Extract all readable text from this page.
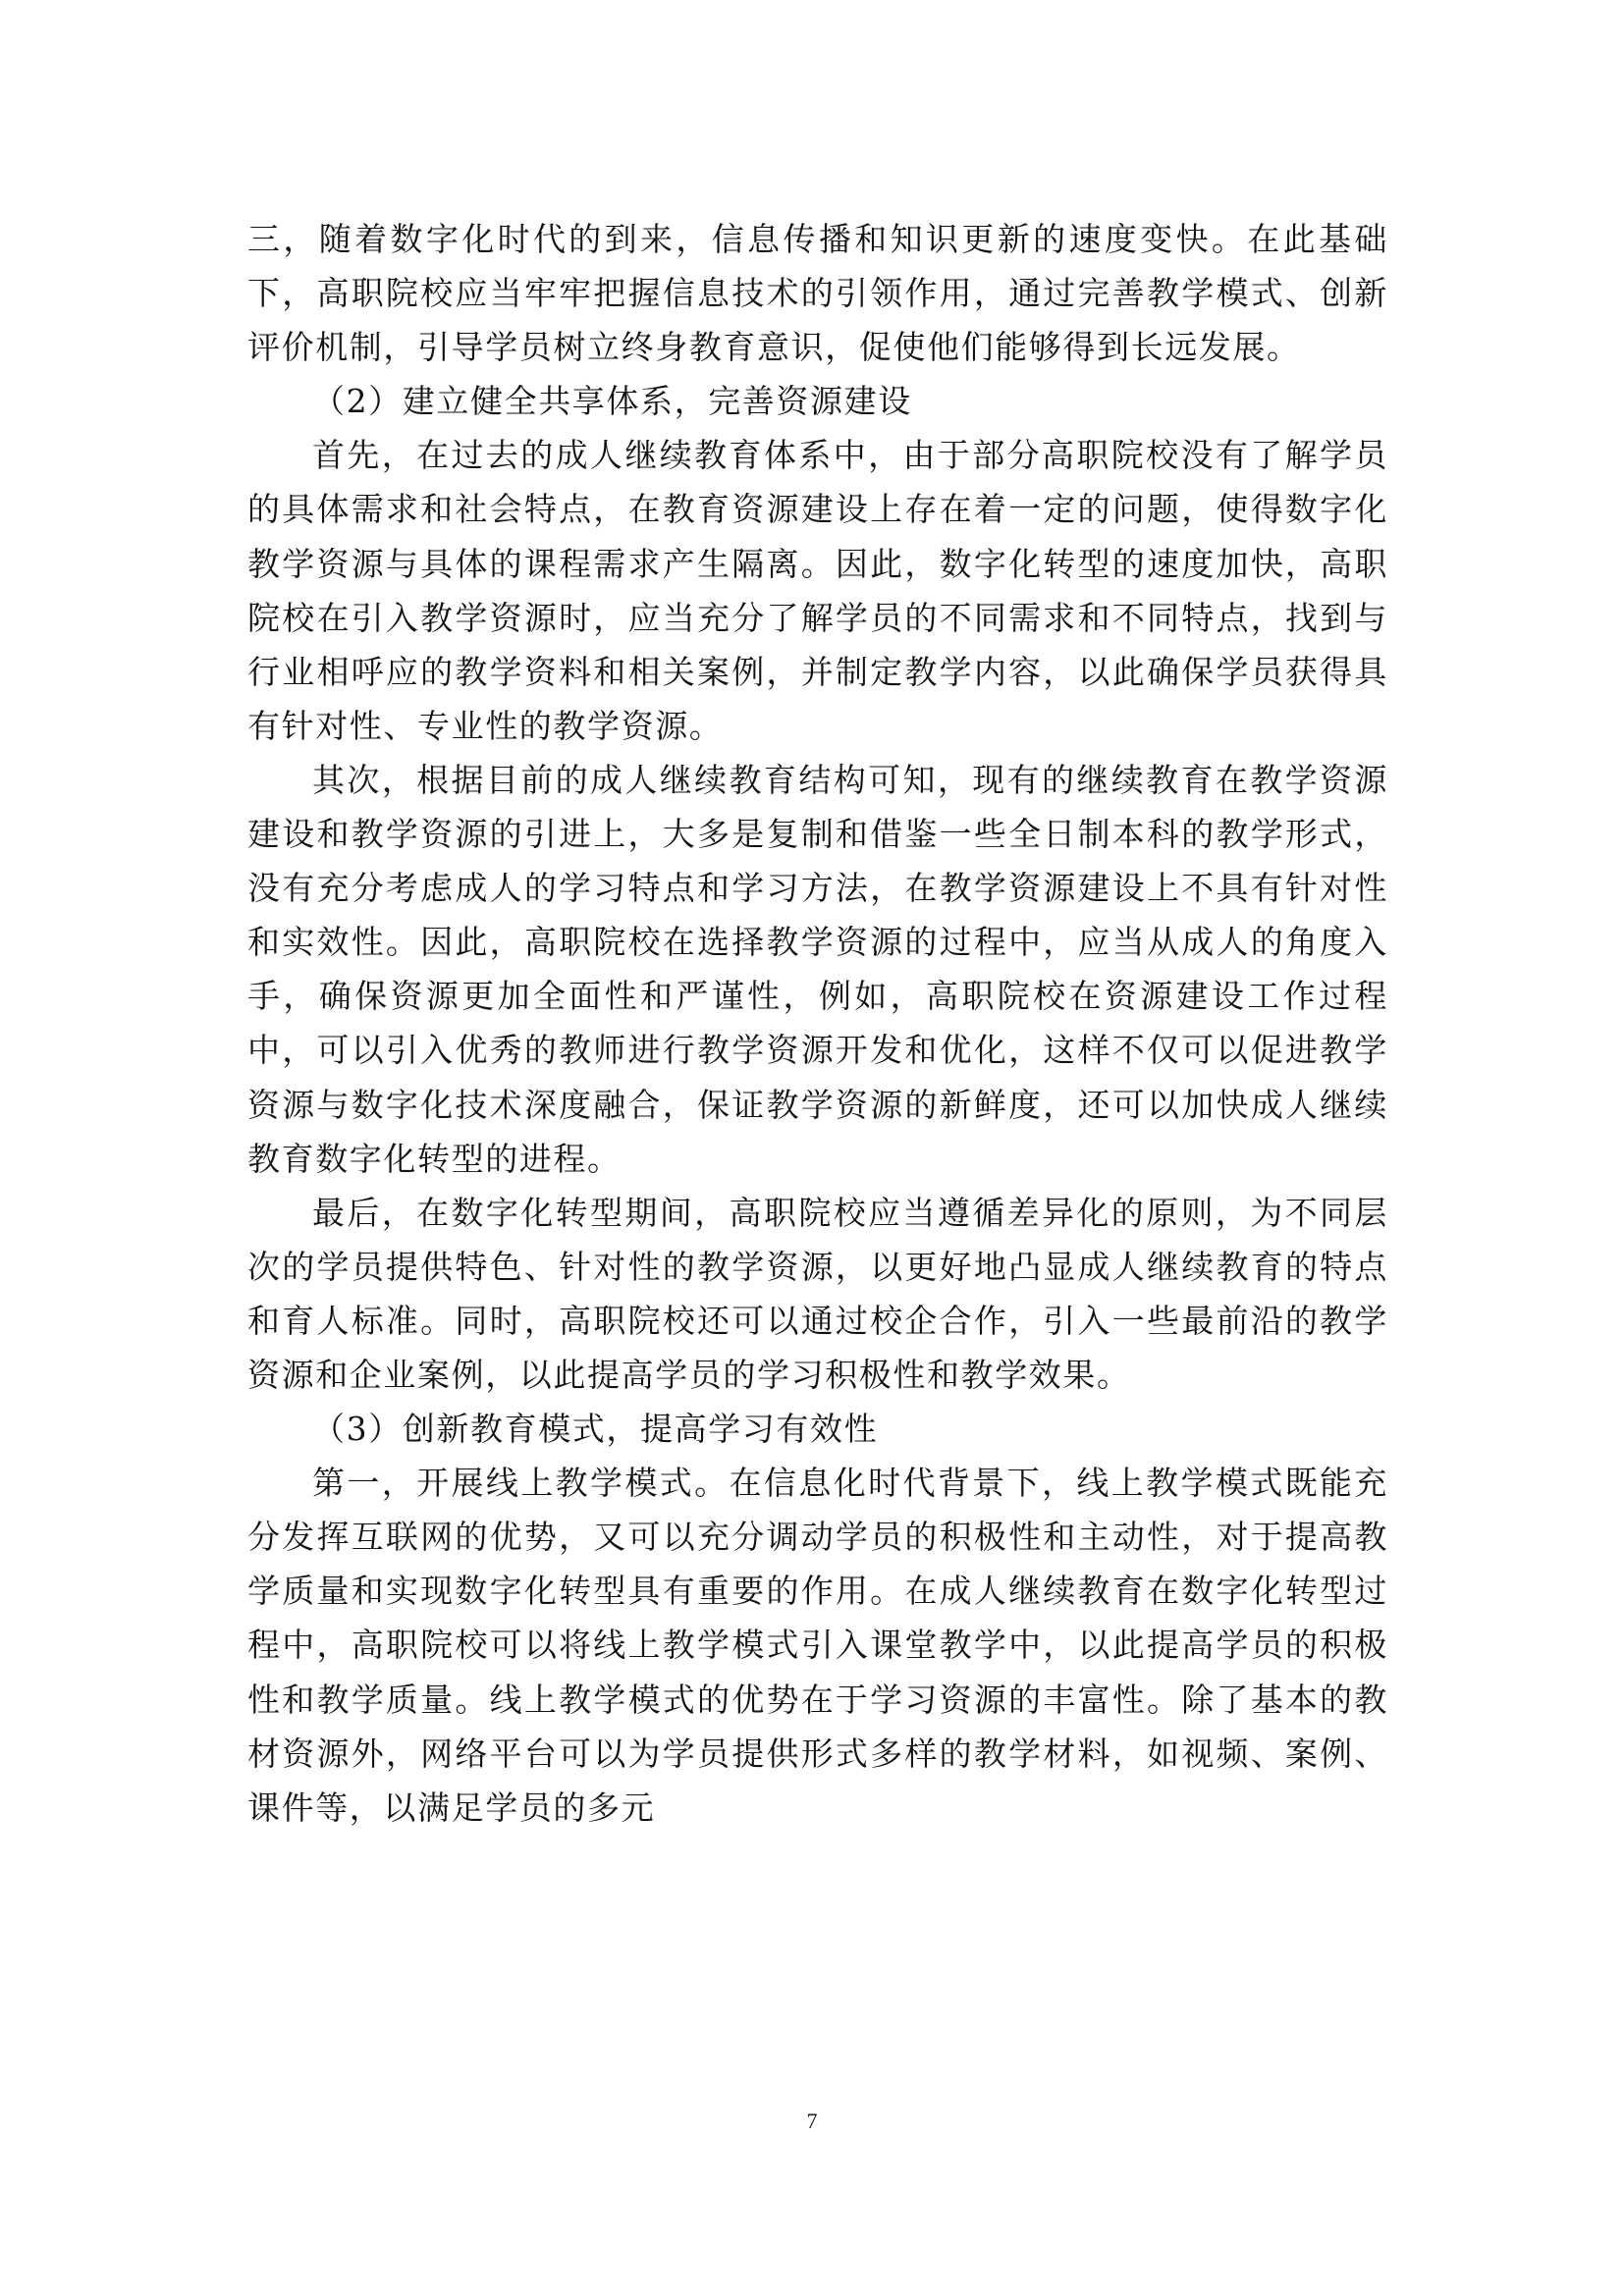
三，随着数字化时代的到来，信息传播和知识更新的速度变快。在此基础下，高职院校应当牢牢把握信息技术的引领作用，通过完善教学模式、创新评价机制，引导学员树立终身教育意识，促使他们能够得到长远发展。

（2）建立健全共享体系，完善资源建设

首先，在过去的成人继续教育体系中，由于部分高职院校没有了解学员的具体需求和社会特点，在教育资源建设上存在着一定的问题，使得数字化教学资源与具体的课程需求产生隔离。因此，数字化转型的速度加快，高职院校在引入教学资源时，应当充分了解学员的不同需求和不同特点，找到与行业相呼应的教学资料和相关案例，并制定教学内容，以此确保学员获得具有针对性、专业性的教学资源。

其次，根据目前的成人继续教育结构可知，现有的继续教育在教学资源建设和教学资源的引进上，大多是复制和借鉴一些全日制本科的教学形式，没有充分考虑成人的学习特点和学习方法，在教学资源建设上不具有针对性和实效性。因此，高职院校在选择教学资源的过程中，应当从成人的角度入手，确保资源更加全面性和严谨性，例如，高职院校在资源建设工作过程中，可以引入优秀的教师进行教学资源开发和优化，这样不仅可以促进教学资源与数字化技术深度融合，保证教学资源的新鲜度，还可以加快成人继续教育数字化转型的进程。

最后，在数字化转型期间，高职院校应当遵循差异化的原则，为不同层次的学员提供特色、针对性的教学资源，以更好地凸显成人继续教育的特点和育人标准。同时，高职院校还可以通过校企合作，引入一些最前沿的教学资源和企业案例，以此提高学员的学习积极性和教学效果。

（3）创新教育模式，提高学习有效性

第一，开展线上教学模式。在信息化时代背景下，线上教学模式既能充分发挥互联网的优势，又可以充分调动学员的积极性和主动性，对于提高教学质量和实现数字化转型具有重要的作用。在成人继续教育在数字化转型过程中，高职院校可以将线上教学模式引入课堂教学中，以此提高学员的积极性和教学质量。线上教学模式的优势在于学习资源的丰富性。除了基本的教材资源外，网络平台可以为学员提供形式多样的教学材料，如视频、案例、课件等，以满足学员的多元

7
